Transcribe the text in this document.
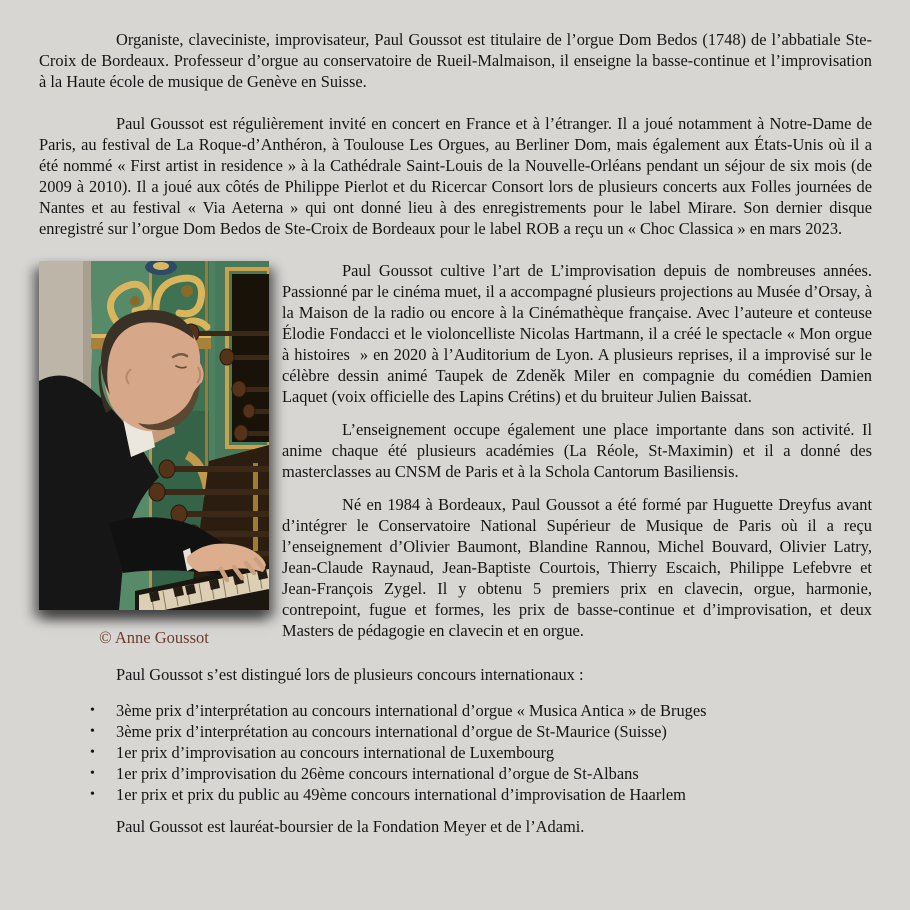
Organiste, claveciniste, improvisateur, Paul Goussot est titulaire de l’orgue Dom Bedos (1748) de l’abbatiale Ste-Croix de Bordeaux. Professeur d’orgue au conservatoire de Rueil-Malmaison, il enseigne la basse-continue et l’improvisation à la Haute école de musique de Genève en Suisse.

Paul Goussot est régulièrement invité en concert en France et à l’étranger. Il a joué notamment à Notre-Dame de Paris, au festival de La Roque-d’Anthéron, à Toulouse Les Orgues, au Berliner Dom, mais également aux États-Unis où il a été nommé « First artist in residence » à la Cathédrale Saint-Louis de la Nouvelle-Orléans pendant un séjour de six mois (de 2009 à 2010). Il a joué aux côtés de Philippe Pierlot et du Ricercar Consort lors de plusieurs concerts aux Folles journées de Nantes et au festival « Via Aeterna » qui ont donné lieu à des enregistrements pour le label Mirare. Son dernier disque enregistré sur l’orgue Dom Bedos de Ste-Croix de Bordeaux pour le label ROB a reçu un « Choc Classica » en mars 2023.

© Anne Goussot

Paul Goussot cultive l’art de L’improvisation depuis de nombreuses années. Passionné par le cinéma muet, il a accompagné plusieurs projections au Musée d’Orsay, à la Maison de la radio ou encore à la Cinémathèque française. Avec l’auteure et conteuse Élodie Fondacci et le violoncelliste Nicolas Hartmann, il a créé le spectacle « Mon orgue à histoires  » en 2020 à l’Auditorium de Lyon. A plusieurs reprises, il a improvisé sur le célèbre dessin animé Taupek de Zdeněk Miler en compagnie du comédien Damien Laquet (voix officielle des Lapins Crétins) et du bruiteur Julien Baissat.

L’enseignement occupe également une place importante dans son activité. Il anime chaque été plusieurs académies (La Réole, St-Maximin) et il a donné des masterclasses au CNSM de Paris et à la Schola Cantorum Basiliensis.

Né en 1984 à Bordeaux, Paul Goussot a été formé par Huguette Dreyfus avant d’intégrer le Conservatoire National Supérieur de Musique de Paris où il a reçu l’enseignement d’Olivier Baumont, Blandine Rannou, Michel Bouvard, Olivier Latry, Jean-Claude Raynaud, Jean-Baptiste Courtois, Thierry Escaich, Philippe Lefebvre et Jean-François Zygel. Il y obtenu 5 premiers prix en clavecin, orgue, harmonie, contrepoint, fugue et formes, les prix de basse-continue et d’improvisation, et deux Masters de pédagogie en clavecin et en orgue.

Paul Goussot s’est distingué lors de plusieurs concours internationaux :

• 3ème prix d’interprétation au concours international d’orgue « Musica Antica » de Bruges
• 3ème prix d’interprétation au concours international d’orgue de St-Maurice (Suisse)
• 1er prix d’improvisation au concours international de Luxembourg
• 1er prix d’improvisation du 26ème concours international d’orgue de St-Albans
• 1er prix et prix du public au 49ème concours international d’improvisation de Haarlem

Paul Goussot est lauréat-boursier de la Fondation Meyer et de l’Adami.
